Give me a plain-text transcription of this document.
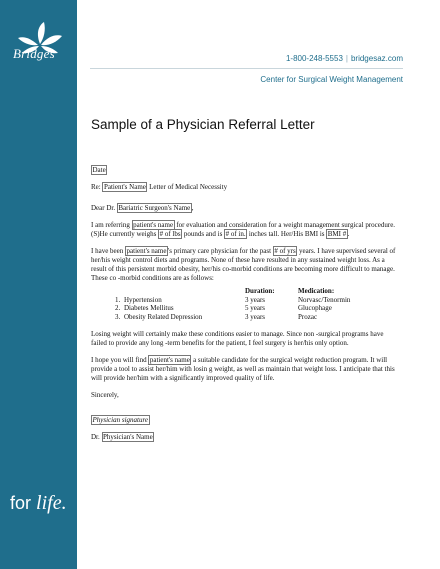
Bridges
for life.
1-800-248-5553 | bridgesaz.com
Center for Surgical Weight Management
Sample of a Physician Referral Letter

Date

Re: Patient's Name Letter of Medical Necessity

Dear Dr. Bariatric Surgeon's Name ,

I am referring patient's name for evaluation and consideration for a weight management surgical procedure. (S)He currently weighs # of lbs pounds and is # of in. inches tall. Her/His BMI is BMI # .

I have been patient's name 's primary care physician for the past # of yrs years. I have supervised several of her/his weight control diets and programs. None of these have resulted in any sustained weight loss. As a result of this persistent morbid obesity, her/his co-morbid conditions are becoming more difficult to manage. These co -morbid conditions are as follows:

	Duration:	Medication:
1. Hypertension	3 years	Norvasc/Tenormin
2. Diabetes Mellitus	5 years	Glucophage
3. Obesity Related Depression	3 years	Prozac

Losing weight will certainly make these conditions easier to manage. Since non -surgical programs have failed to provide any long -term benefits for the patient, I feel surgery is her/his only option.

I hope you will find patient's name a suitable candidate for the surgical weight reduction program. It will provide a tool to assist her/him with losin g weight, as well as maintain that weight loss. I anticipate that this will provide her/him with a significantly improved quality of life.

Sincerely,

Physician signature

Dr. Physician's Name
